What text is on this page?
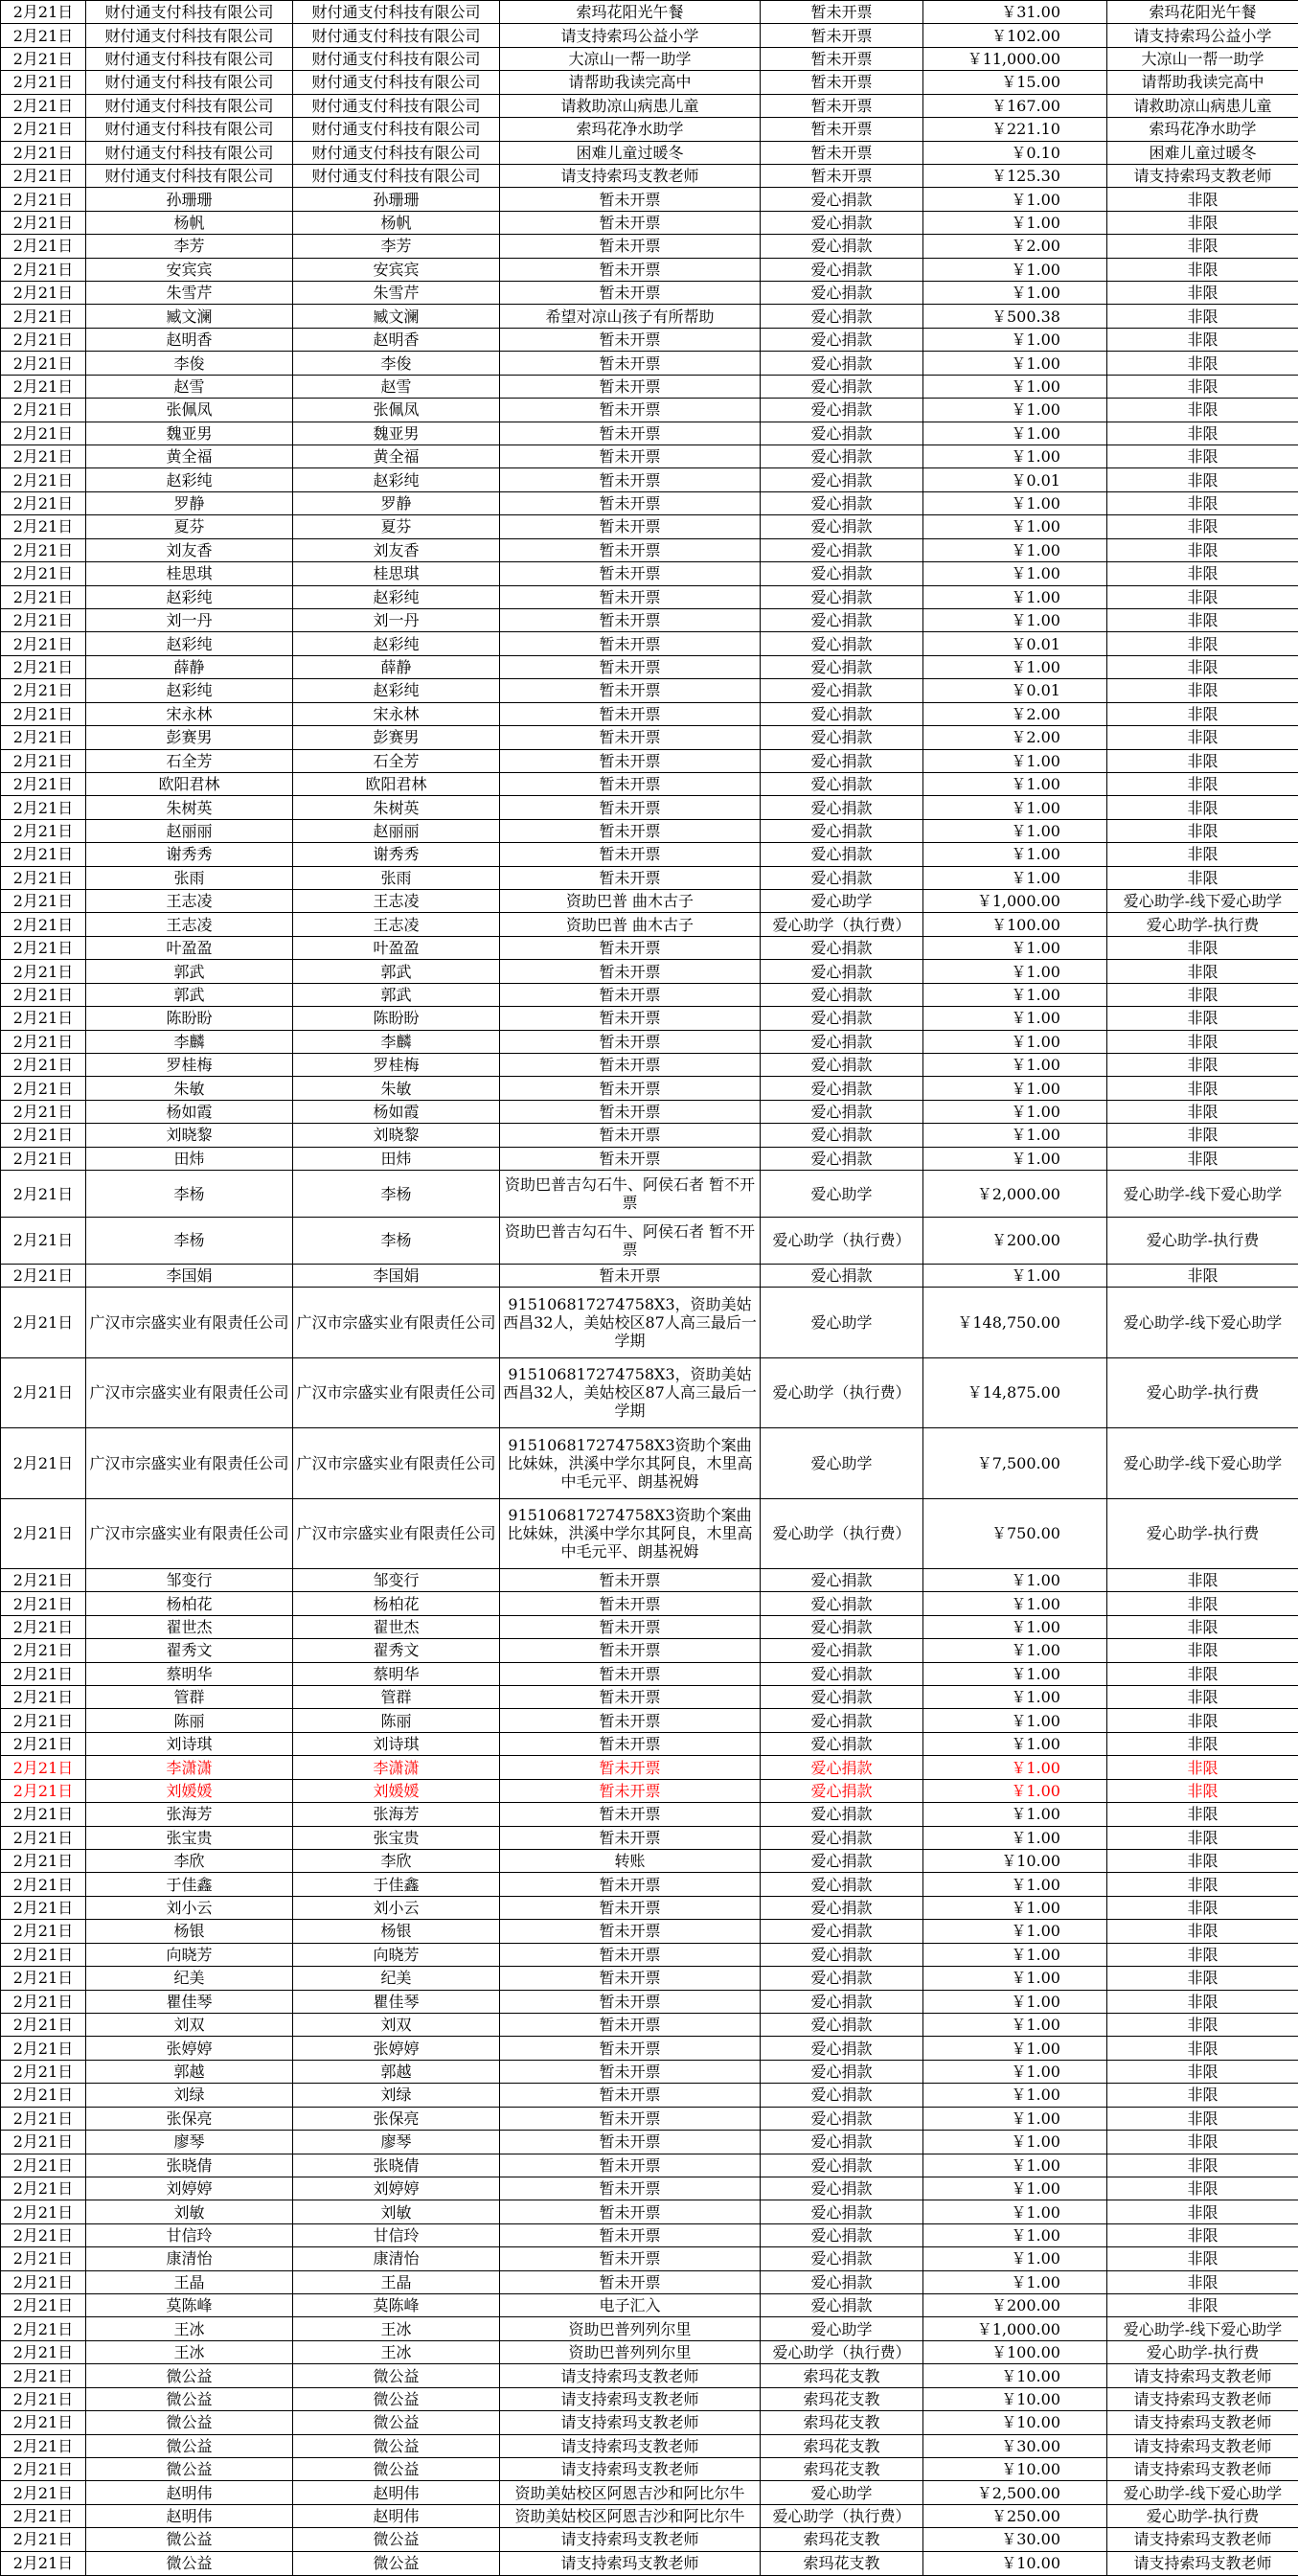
2月21日	财付通支付科技有限公司	财付通支付科技有限公司	索玛花阳光午餐	暂未开票	￥31.00	索玛花阳光午餐
2月21日	财付通支付科技有限公司	财付通支付科技有限公司	请支持索玛公益小学	暂未开票	￥102.00	请支持索玛公益小学
2月21日	财付通支付科技有限公司	财付通支付科技有限公司	大凉山一帮一助学	暂未开票	￥11,000.00	大凉山一帮一助学
2月21日	财付通支付科技有限公司	财付通支付科技有限公司	请帮助我读完高中	暂未开票	￥15.00	请帮助我读完高中
2月21日	财付通支付科技有限公司	财付通支付科技有限公司	请救助凉山病患儿童	暂未开票	￥167.00	请救助凉山病患儿童
2月21日	财付通支付科技有限公司	财付通支付科技有限公司	索玛花净水助学	暂未开票	￥221.10	索玛花净水助学
2月21日	财付通支付科技有限公司	财付通支付科技有限公司	困难儿童过暖冬	暂未开票	￥0.10	困难儿童过暖冬
2月21日	财付通支付科技有限公司	财付通支付科技有限公司	请支持索玛支教老师	暂未开票	￥125.30	请支持索玛支教老师
2月21日	孙珊珊	孙珊珊	暂未开票	爱心捐款	￥1.00	非限
2月21日	杨帆	杨帆	暂未开票	爱心捐款	￥1.00	非限
2月21日	李芳	李芳	暂未开票	爱心捐款	￥2.00	非限
2月21日	安宾宾	安宾宾	暂未开票	爱心捐款	￥1.00	非限
2月21日	朱雪芹	朱雪芹	暂未开票	爱心捐款	￥1.00	非限
2月21日	臧文澜	臧文澜	希望对凉山孩子有所帮助	爱心捐款	￥500.38	非限
2月21日	赵明香	赵明香	暂未开票	爱心捐款	￥1.00	非限
2月21日	李俊	李俊	暂未开票	爱心捐款	￥1.00	非限
2月21日	赵雪	赵雪	暂未开票	爱心捐款	￥1.00	非限
2月21日	张佩凤	张佩凤	暂未开票	爱心捐款	￥1.00	非限
2月21日	魏亚男	魏亚男	暂未开票	爱心捐款	￥1.00	非限
2月21日	黄全福	黄全福	暂未开票	爱心捐款	￥1.00	非限
2月21日	赵彩纯	赵彩纯	暂未开票	爱心捐款	￥0.01	非限
2月21日	罗静	罗静	暂未开票	爱心捐款	￥1.00	非限
2月21日	夏芬	夏芬	暂未开票	爱心捐款	￥1.00	非限
2月21日	刘友香	刘友香	暂未开票	爱心捐款	￥1.00	非限
2月21日	桂思琪	桂思琪	暂未开票	爱心捐款	￥1.00	非限
2月21日	赵彩纯	赵彩纯	暂未开票	爱心捐款	￥1.00	非限
2月21日	刘一丹	刘一丹	暂未开票	爱心捐款	￥1.00	非限
2月21日	赵彩纯	赵彩纯	暂未开票	爱心捐款	￥0.01	非限
2月21日	薛静	薛静	暂未开票	爱心捐款	￥1.00	非限
2月21日	赵彩纯	赵彩纯	暂未开票	爱心捐款	￥0.01	非限
2月21日	宋永林	宋永林	暂未开票	爱心捐款	￥2.00	非限
2月21日	彭赛男	彭赛男	暂未开票	爱心捐款	￥2.00	非限
2月21日	石全芳	石全芳	暂未开票	爱心捐款	￥1.00	非限
2月21日	欧阳君林	欧阳君林	暂未开票	爱心捐款	￥1.00	非限
2月21日	朱树英	朱树英	暂未开票	爱心捐款	￥1.00	非限
2月21日	赵丽丽	赵丽丽	暂未开票	爱心捐款	￥1.00	非限
2月21日	谢秀秀	谢秀秀	暂未开票	爱心捐款	￥1.00	非限
2月21日	张雨	张雨	暂未开票	爱心捐款	￥1.00	非限
2月21日	王志凌	王志凌	资助巴普 曲木古子	爱心助学	￥1,000.00	爱心助学-线下爱心助学
2月21日	王志凌	王志凌	资助巴普 曲木古子	爱心助学（执行费）	￥100.00	爱心助学-执行费
2月21日	叶盈盈	叶盈盈	暂未开票	爱心捐款	￥1.00	非限
2月21日	郭武	郭武	暂未开票	爱心捐款	￥1.00	非限
2月21日	郭武	郭武	暂未开票	爱心捐款	￥1.00	非限
2月21日	陈盼盼	陈盼盼	暂未开票	爱心捐款	￥1.00	非限
2月21日	李麟	李麟	暂未开票	爱心捐款	￥1.00	非限
2月21日	罗桂梅	罗桂梅	暂未开票	爱心捐款	￥1.00	非限
2月21日	朱敏	朱敏	暂未开票	爱心捐款	￥1.00	非限
2月21日	杨如霞	杨如霞	暂未开票	爱心捐款	￥1.00	非限
2月21日	刘晓黎	刘晓黎	暂未开票	爱心捐款	￥1.00	非限
2月21日	田炜	田炜	暂未开票	爱心捐款	￥1.00	非限
2月21日	李杨	李杨	资助巴普吉勾石牛、阿侯石者 暂不开票	爱心助学	￥2,000.00	爱心助学-线下爱心助学
2月21日	李杨	李杨	资助巴普吉勾石牛、阿侯石者 暂不开票	爱心助学（执行费）	￥200.00	爱心助学-执行费
2月21日	李国娟	李国娟	暂未开票	爱心捐款	￥1.00	非限
2月21日	广汉市宗盛实业有限责任公司	广汉市宗盛实业有限责任公司	915106817274758X3，资助美姑西昌32人，美姑校区87人高三最后一学期	爱心助学	￥148,750.00	爱心助学-线下爱心助学
2月21日	广汉市宗盛实业有限责任公司	广汉市宗盛实业有限责任公司	915106817274758X3，资助美姑西昌32人，美姑校区87人高三最后一学期	爱心助学（执行费）	￥14,875.00	爱心助学-执行费
2月21日	广汉市宗盛实业有限责任公司	广汉市宗盛实业有限责任公司	915106817274758X3资助个案曲比妹妹，洪溪中学尔其阿良，木里高中毛元平、朗基祝姆	爱心助学	￥7,500.00	爱心助学-线下爱心助学
2月21日	广汉市宗盛实业有限责任公司	广汉市宗盛实业有限责任公司	915106817274758X3资助个案曲比妹妹，洪溪中学尔其阿良，木里高中毛元平、朗基祝姆	爱心助学（执行费）	￥750.00	爱心助学-执行费
2月21日	邹变行	邹变行	暂未开票	爱心捐款	￥1.00	非限
2月21日	杨柏花	杨柏花	暂未开票	爱心捐款	￥1.00	非限
2月21日	翟世杰	翟世杰	暂未开票	爱心捐款	￥1.00	非限
2月21日	翟秀文	翟秀文	暂未开票	爱心捐款	￥1.00	非限
2月21日	蔡明华	蔡明华	暂未开票	爱心捐款	￥1.00	非限
2月21日	管群	管群	暂未开票	爱心捐款	￥1.00	非限
2月21日	陈丽	陈丽	暂未开票	爱心捐款	￥1.00	非限
2月21日	刘诗琪	刘诗琪	暂未开票	爱心捐款	￥1.00	非限
2月21日	李潇潇	李潇潇	暂未开票	爱心捐款	￥1.00	非限
2月21日	刘媛媛	刘媛媛	暂未开票	爱心捐款	￥1.00	非限
2月21日	张海芳	张海芳	暂未开票	爱心捐款	￥1.00	非限
2月21日	张宝贵	张宝贵	暂未开票	爱心捐款	￥1.00	非限
2月21日	李欣	李欣	转账	爱心捐款	￥10.00	非限
2月21日	于佳鑫	于佳鑫	暂未开票	爱心捐款	￥1.00	非限
2月21日	刘小云	刘小云	暂未开票	爱心捐款	￥1.00	非限
2月21日	杨银	杨银	暂未开票	爱心捐款	￥1.00	非限
2月21日	向晓芳	向晓芳	暂未开票	爱心捐款	￥1.00	非限
2月21日	纪美	纪美	暂未开票	爱心捐款	￥1.00	非限
2月21日	瞿佳琴	瞿佳琴	暂未开票	爱心捐款	￥1.00	非限
2月21日	刘双	刘双	暂未开票	爱心捐款	￥1.00	非限
2月21日	张婷婷	张婷婷	暂未开票	爱心捐款	￥1.00	非限
2月21日	郭越	郭越	暂未开票	爱心捐款	￥1.00	非限
2月21日	刘绿	刘绿	暂未开票	爱心捐款	￥1.00	非限
2月21日	张保亮	张保亮	暂未开票	爱心捐款	￥1.00	非限
2月21日	廖琴	廖琴	暂未开票	爱心捐款	￥1.00	非限
2月21日	张晓倩	张晓倩	暂未开票	爱心捐款	￥1.00	非限
2月21日	刘婷婷	刘婷婷	暂未开票	爱心捐款	￥1.00	非限
2月21日	刘敏	刘敏	暂未开票	爱心捐款	￥1.00	非限
2月21日	甘信玲	甘信玲	暂未开票	爱心捐款	￥1.00	非限
2月21日	康清怡	康清怡	暂未开票	爱心捐款	￥1.00	非限
2月21日	王晶	王晶	暂未开票	爱心捐款	￥1.00	非限
2月21日	莫陈峰	莫陈峰	电子汇入	爱心捐款	￥200.00	非限
2月21日	王冰	王冰	资助巴普列列尔里	爱心助学	￥1,000.00	爱心助学-线下爱心助学
2月21日	王冰	王冰	资助巴普列列尔里	爱心助学（执行费）	￥100.00	爱心助学-执行费
2月21日	微公益	微公益	请支持索玛支教老师	索玛花支教	￥10.00	请支持索玛支教老师
2月21日	微公益	微公益	请支持索玛支教老师	索玛花支教	￥10.00	请支持索玛支教老师
2月21日	微公益	微公益	请支持索玛支教老师	索玛花支教	￥10.00	请支持索玛支教老师
2月21日	微公益	微公益	请支持索玛支教老师	索玛花支教	￥30.00	请支持索玛支教老师
2月21日	微公益	微公益	请支持索玛支教老师	索玛花支教	￥10.00	请支持索玛支教老师
2月21日	赵明伟	赵明伟	资助美姑校区阿恩吉沙和阿比尔牛	爱心助学	￥2,500.00	爱心助学-线下爱心助学
2月21日	赵明伟	赵明伟	资助美姑校区阿恩吉沙和阿比尔牛	爱心助学（执行费）	￥250.00	爱心助学-执行费
2月21日	微公益	微公益	请支持索玛支教老师	索玛花支教	￥30.00	请支持索玛支教老师
2月21日	微公益	微公益	请支持索玛支教老师	索玛花支教	￥10.00	请支持索玛支教老师
